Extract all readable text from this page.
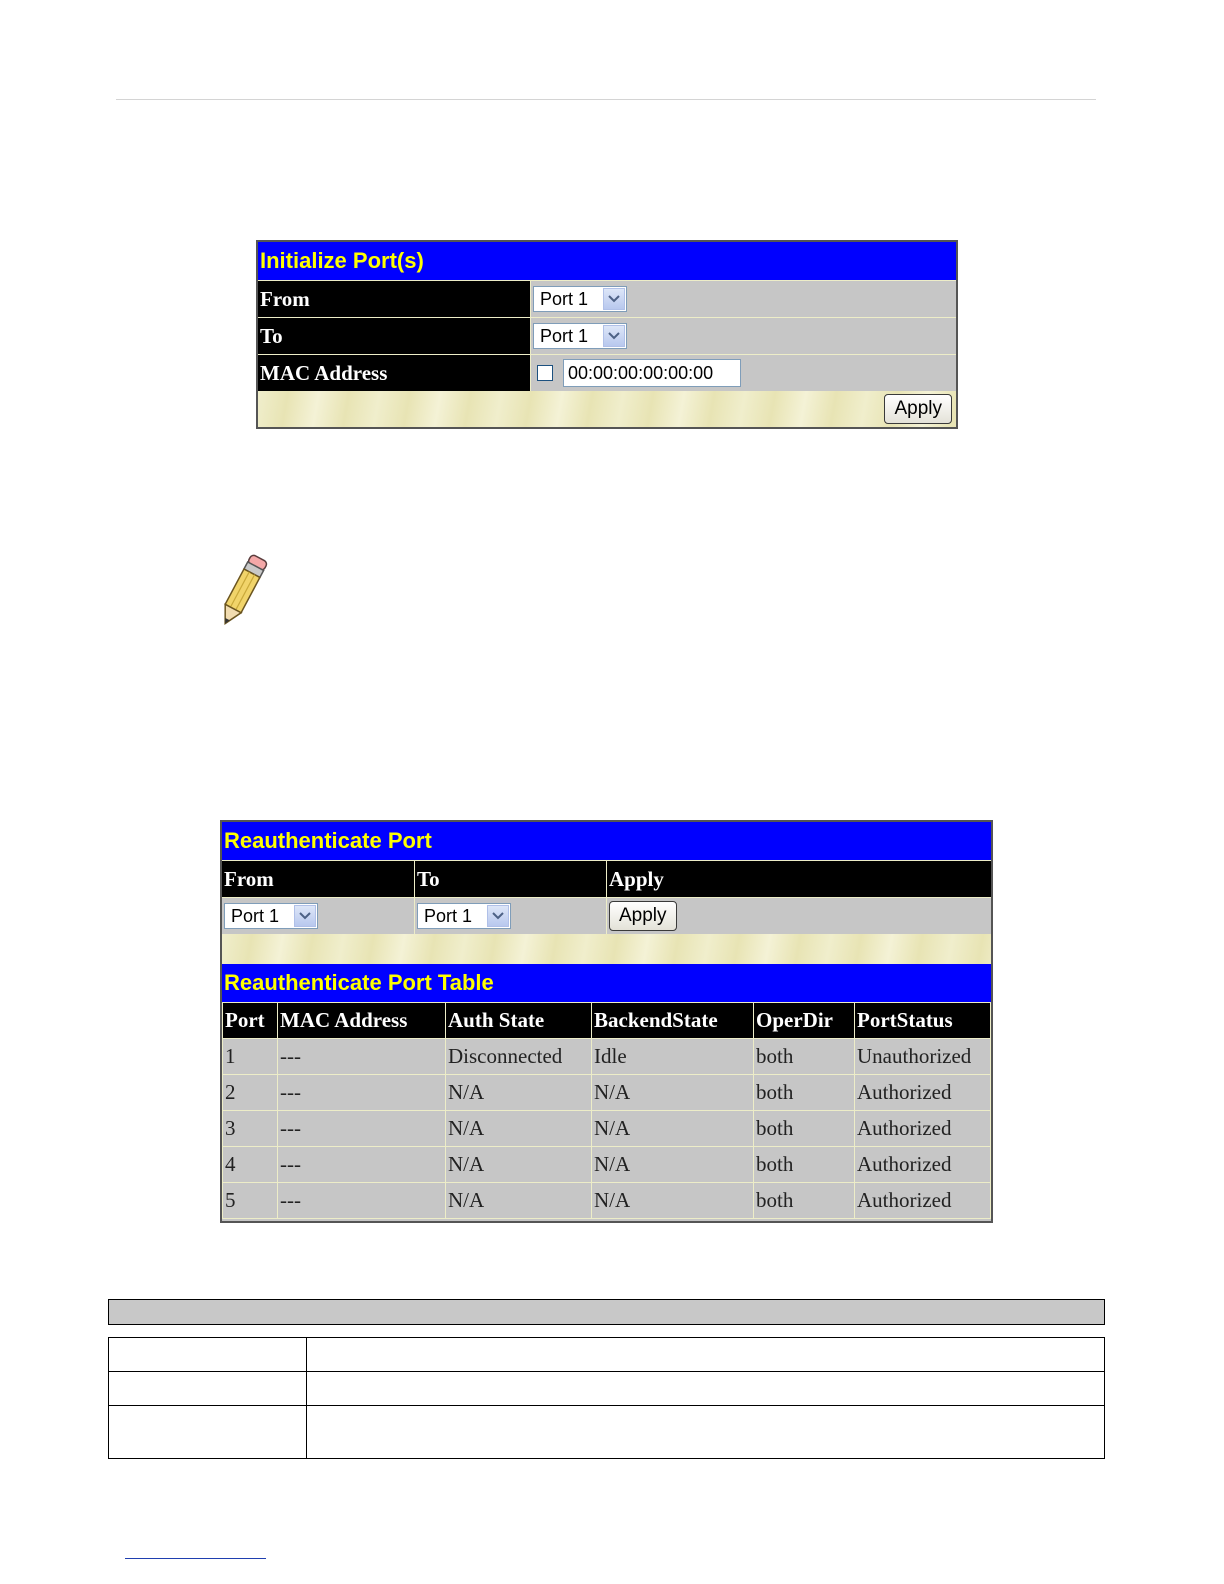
Initialize Port(s)
From	Port 1
To	Port 1
MAC Address	00:00:00:00:00:00
Apply
Reauthenticate Port
From	To	Apply
Port 1	Port 1	Apply
Reauthenticate Port Table
Port	MAC Address	Auth State	BackendState	OperDir	PortStatus
1	---	Disconnected	Idle	both	Unauthorized
2	---	N/A	N/A	both	Authorized
3	---	N/A	N/A	both	Authorized
4	---	N/A	N/A	both	Authorized
5	---	N/A	N/A	both	Authorized
